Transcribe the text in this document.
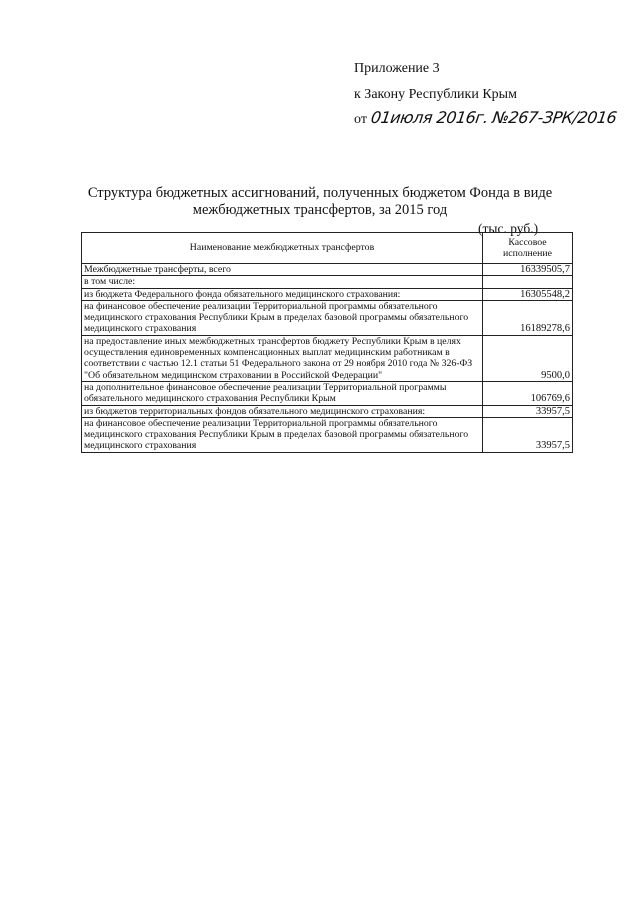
Приложение 3
к Закону Республики Крым
от 01июля 2016г. №267-ЗРК/2016
Структура бюджетных ассигнований, полученных бюджетом Фонда в виде межбюджетных трансфертов, за 2015 год
(тыс. руб.)
Наименование межбюджетных трансфертов	Кассовое исполнение
Межбюджетные трансферты, всего	16339505,7
в том числе:	
из бюджета Федерального фонда обязательного медицинского страхования:	16305548,2
на финансовое обеспечение реализации Территориальной программы обязательного медицинского страхования Республики Крым в пределах базовой программы обязательного медицинского страхования	16189278,6
на предоставление иных межбюджетных трансфертов бюджету Республики Крым в целях осуществления единовременных компенсационных выплат медицинским работникам в соответствии с частью 12.1 статьи 51 Федерального закона от 29 ноября 2010 года № 326-ФЗ "Об обязательном медицинском страховании в Российской Федерации"	9500,0
на дополнительное финансовое обеспечение реализации Территориальной программы обязательного медицинского страхования Республики Крым	106769,6
из бюджетов территориальных фондов обязательного медицинского страхования:	33957,5
на финансовое обеспечение реализации Территориальной программы обязательного медицинского страхования Республики Крым в пределах базовой программы обязательного медицинского страхования	33957,5
